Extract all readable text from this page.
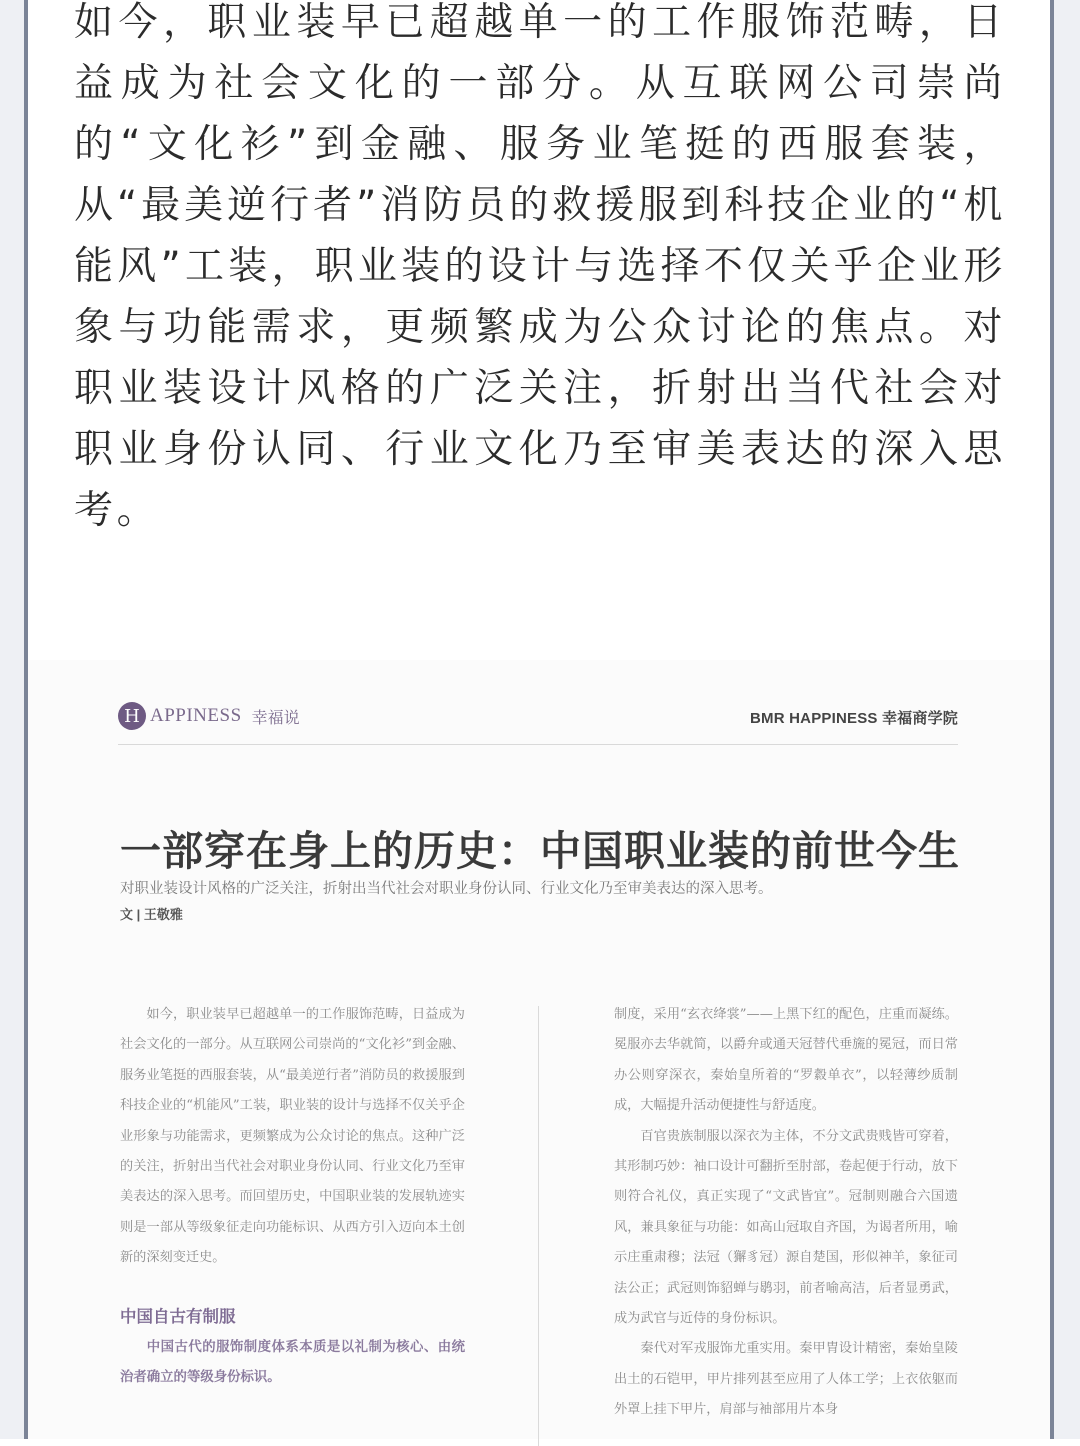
如今，职业装早已超越单一的工作服饰范畴，日益成为社会文化的一部分。从互联网公司崇尚的“文化衫”到金融、服务业笔挺的西服套装，从“最美逆行者”消防员的救援服到科技企业的“机能风”工装，职业装的设计与选择不仅关乎企业形象与功能需求，更频繁成为公众讨论的焦点。对职业装设计风格的广泛关注，折射出当代社会对职业身份认同、行业文化乃至审美表达的深入思考。

H APPINESS 幸福说	BMR HAPPINESS 幸福商学院
一部穿在身上的历史：中国职业装的前世今生
对职业装设计风格的广泛关注，折射出当代社会对职业身份认同、行业文化乃至审美表达的深入思考。
文 | 王敬雅

如今，职业装早已超越单一的工作服饰范畴，日益成为社会文化的一部分。从互联网公司崇尚的“文化衫”到金融、服务业笔挺的西服套装，从“最美逆行者”消防员的救援服到科技企业的“机能风”工装，职业装的设计与选择不仅关乎企业形象与功能需求，更频繁成为公众讨论的焦点。这种广泛的关注，折射出当代社会对职业身份认同、行业文化乃至审美表达的深入思考。而回望历史，中国职业装的发展轨迹实则是一部从等级象征走向功能标识、从西方引入迈向本土创新的深刻变迁史。

中国自古有制服

中国古代的服饰制度体系本质是以礼制为核心、由统治者确立的等级身份标识。

制度，采用“玄衣绛裳”——上黑下红的配色，庄重而凝练。冕服亦去华就简，以爵弁或通天冠替代垂旒的冕冠，而日常办公则穿深衣，秦始皇所着的“罗縠单衣”，以轻薄纱质制成，大幅提升活动便捷性与舒适度。

百官贵族制服以深衣为主体，不分文武贵贱皆可穿着，其形制巧妙：袖口设计可翻折至肘部，卷起便于行动，放下则符合礼仪，真正实现了“文武皆宜”。冠制则融合六国遗风，兼具象征与功能：如高山冠取自齐国，为谒者所用，喻示庄重肃穆；法冠（獬豸冠）源自楚国，形似神羊，象征司法公正；武冠则饰貂蝉与鹖羽，前者喻高洁，后者显勇武，成为武官与近侍的身份标识。

秦代对军戎服饰尤重实用。秦甲胄设计精密，秦始皇陵出土的石铠甲，甲片排列甚至应用了人体工学；上衣依躯而外罩上挂下甲片，肩部与袖部用片本身
